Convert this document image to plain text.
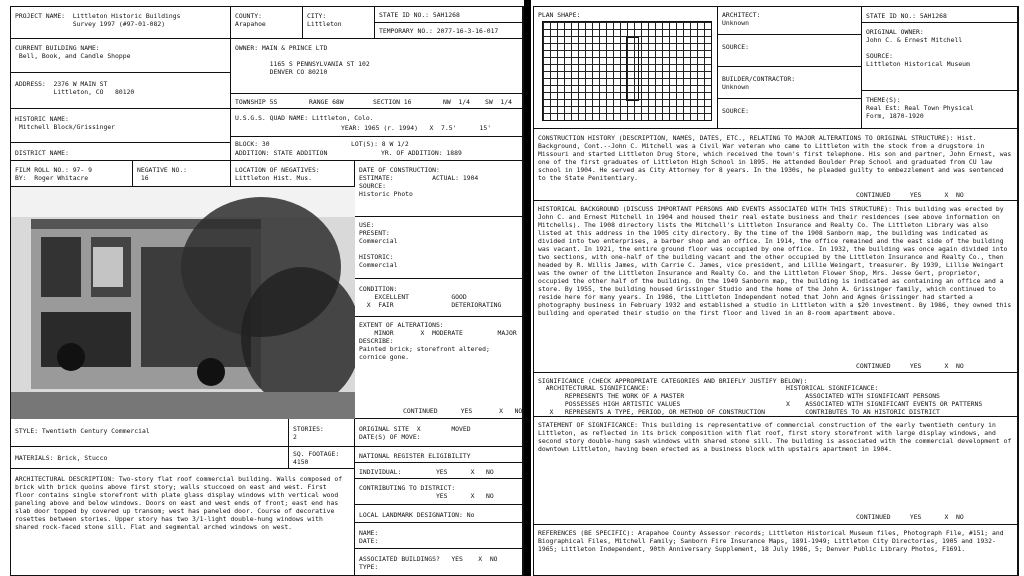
PROJECT NAME:  Littleton Historic Buildings
Survey 1997 (#97-01-082)
COUNTY:
Arapahoe
CITY:
Littleton
STATE ID NO.: 5AH1268
TEMPORARY NO.: 2077-16-3-16-017
CURRENT BUILDING NAME:
Bell, Book, and Candle Shoppe
OWNER: MAIN & PRINCE LTD

1165 S PENNSYLVANIA ST 102
DENVER CO 80210
ADDRESS:  2376 W MAIN ST
Littleton, CO   80120
TOWNSHIP 5S	RANGE 68W	SECTION 16	NW  1/4 SW  1/4
HISTORIC NAME:
Mitchell Block/Grissinger
U.S.G.S. QUAD NAME: Littleton, Colo.
YEAR: 1965 (r. 1994)   X  7.5'      15'
BLOCK: 30	LOT(S): 8 W 1/2
ADDITION: STATE ADDITION	YR. OF ADDITION: 1889
DISTRICT NAME:
FILM ROLL NO.: 97- 9
BY:  Roger Whitacre
NEGATIVE NO.:
16
LOCATION OF NEGATIVES:
Littleton Hist. Mus.
DATE OF CONSTRUCTION:
ESTIMATE:          ACTUAL: 1904
SOURCE:
Historic Photo
USE:
PRESENT:
Commercial

HISTORIC:
Commercial
CONDITION:
EXCELLENT           GOOD
X  FAIR               DETERIORATING
EXTENT OF ALTERATIONS:
MINOR       X  MODERATE         MAJOR
DESCRIBE:
Painted brick; storefront altered;
cornice gone.
CONTINUED      YES       X   NO
STYLE: Twentieth Century Commercial	STORIES:
2
ORIGINAL SITE  X        MOVED
DATE(S) OF MOVE:
MATERIALS: Brick, Stucco	SQ. FOOTAGE:
4150
NATIONAL REGISTER ELIGIBILITY
INDIVIDUAL:         YES      X   NO
CONTRIBUTING TO DISTRICT:
YES      X   NO
LOCAL LANDMARK DESIGNATION: No
NAME:
DATE:
ASSOCIATED BUILDINGS?   YES    X  NO
TYPE:
ARCHITECTURAL DESCRIPTION: Two-story flat roof commercial building. Walls composed of brick with brick quoins above first story; walls stuccoed on east and west. First floor contains single storefront with plate glass display windows with vertical wood paneling above and below windows. Doors on east and west ends of front; east end has slab door topped by covered up transom; west has paneled door. Course of decorative rosettes between stories. Upper story has two 3/1-light double-hung windows with shared rock-faced stone sill. Flat and segmental arched windows on west.
PLAN SHAPE:	ARCHITECT:
Unknown
SOURCE:
BUILDER/CONTRACTOR:
Unknown
SOURCE:
STATE ID NO.: 5AH1268
ORIGINAL OWNER:
John C. & Ernest Mitchell

SOURCE:
Littleton Historical Museum
THEME(S):
Real Est: Real Town Physical
Form, 1870-1920
CONSTRUCTION HISTORY (DESCRIPTION, NAMES, DATES, ETC., RELATING TO MAJOR ALTERATIONS TO ORIGINAL STRUCTURE): Hist. Background, Cont.--John C. Mitchell was a Civil War veteran who came to Littleton with the stock from a drugstore in Missouri and started Littleton Drug Store, which received the town's first telephone. His son and partner, John Ernest, was one of the first graduates of Littleton High School in 1895. He attended Boulder Prep School and graduated from CU law school in 1904. He served as City Attorney for 8 years. In the 1930s, he pleaded guilty to embezzlement and was sentenced to the State Penitentiary.
CONTINUED     YES      X  NO
HISTORICAL BACKGROUND (DISCUSS IMPORTANT PERSONS AND EVENTS ASSOCIATED WITH THIS STRUCTURE): This building was erected by John C. and Ernest Mitchell in 1904 and housed their real estate business and their residences (see above information on Mitchells). The 1908 directory lists the Mitchell's Littleton Insurance and Realty Co. The Littleton Library was also listed at this address in the 1905 city directory. By the time of the 1908 Sanborn map, the building was indicated as divided into two enterprises, a barber shop and an office. In 1914, the office remained and the east side of the building was vacant. In 1921, the entire ground floor was occupied by one office. In 1932, the building was once again divided into two sections, with one-half of the building vacant and the other occupied by the Littleton Insurance and Realty Co., then headed by R. Willis James, with Carrie C. James, vice president, and Lillie Weingart, treasurer. By 1939, Lillie Weingart was the owner of the Littleton Insurance and Realty Co. and the Littleton Flower Shop, Mrs. Jesse Gert, proprietor, occupied the other half of the building. On the 1949 Sanborn map, the building is indicated as containing an office and a store. By 1955, the building housed Grissinger Studio and the home of the John A. Grissinger family, which continued to reside here for many years. In 1986, the Littleton Independent noted that John and Agnes Grissinger had started a photography business in February 1932 and established a studio in Littleton with a $20 investment. By 1986, they owned this building and operated their studio on the first floor and lived in an 8-room apartment above.
CONTINUED     YES      X  NO
SIGNIFICANCE (CHECK APPROPRIATE CATEGORIES AND BRIEFLY JUSTIFY BELOW):
ARCHITECTURAL SIGNIFICANCE:
REPRESENTS THE WORK OF A MASTER
POSSESSES HIGH ARTISTIC VALUES
X   REPRESENTS A TYPE, PERIOD, OR METHOD OF CONSTRUCTION
HISTORICAL SIGNIFICANCE:
ASSOCIATED WITH SIGNIFICANT PERSONS
X    ASSOCIATED WITH SIGNIFICANT EVENTS OR PATTERNS
CONTRIBUTES TO AN HISTORIC DISTRICT
STATEMENT OF SIGNIFICANCE: This building is representative of commercial construction of the early twentieth century in Littleton, as reflected in its brick composition with flat roof, first story storefront with large display windows, and second story double-hung sash windows with shared stone sill. The building is associated with the commercial development of downtown Littleton, having been erected as a business block with upstairs apartment in 1904.
CONTINUED     YES      X  NO
REFERENCES (BE SPECIFIC): Arapahoe County Assessor records; Littleton Historical Museum files, Photograph File, #151; and Biographical Files, Mitchell Family; Sanborn Fire Insurance Maps, 1891-1949; Littleton City Directories, 1905 and 1932-1965; Littleton Independent, 90th Anniversary Supplement, 18 July 1986, 5; Denver Public Library Photos, F1691.
